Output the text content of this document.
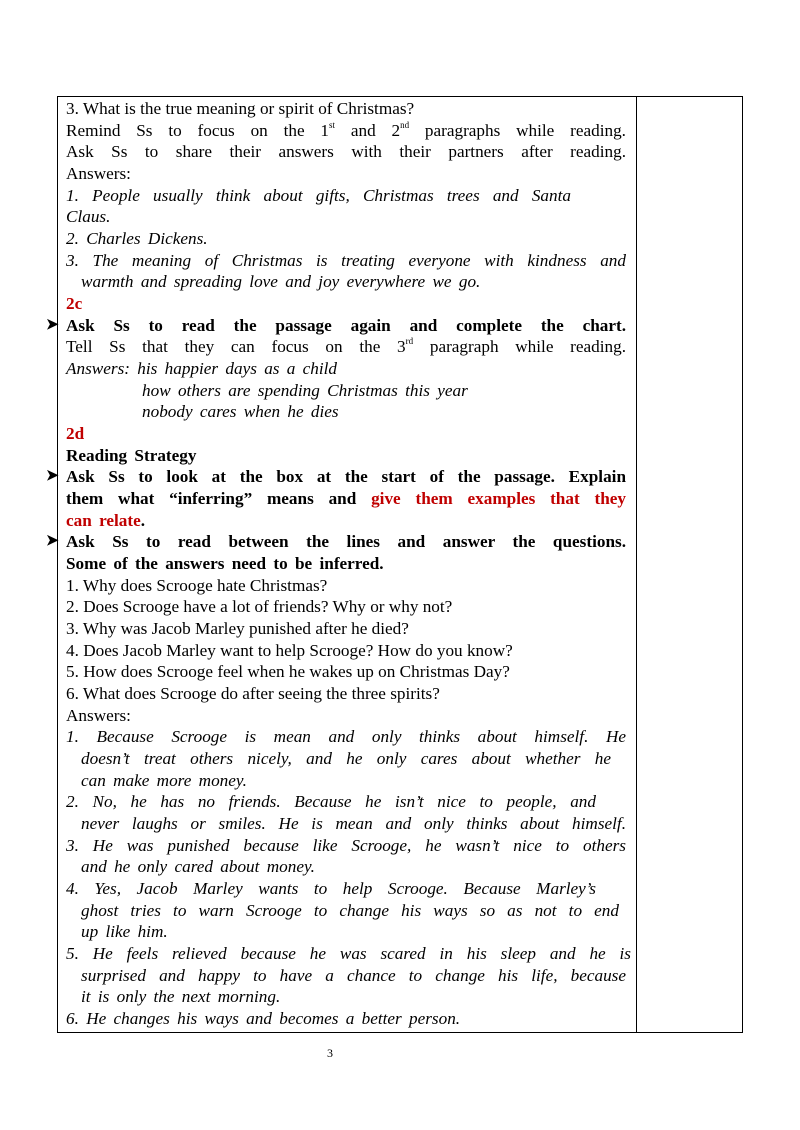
3. What is the true meaning or spirit of Christmas?
Remind Ss to focus on the 1st and 2nd paragraphs while reading.
Ask Ss to share their answers with their partners after reading.
Answers:
1. People usually think about gifts, Christmas trees and Santa
Claus.
2. Charles Dickens.
3. The meaning of Christmas is treating everyone with kindness and
warmth and spreading love and joy everywhere we go.
2c
➤ Ask Ss to read the passage again and complete the chart.
Tell Ss that they can focus on the 3rd paragraph while reading.
Answers: his happier days as a child
how others are spending Christmas this year
nobody cares when he dies
2d
Reading Strategy
➤ Ask Ss to look at the box at the start of the passage. Explain
them what “inferring” means and give them examples that they
can relate.
➤ Ask Ss to read between the lines and answer the questions.
Some of the answers need to be inferred.
1. Why does Scrooge hate Christmas?
2. Does Scrooge have a lot of friends? Why or why not?
3. Why was Jacob Marley punished after he died?
4. Does Jacob Marley want to help Scrooge? How do you know?
5. How does Scrooge feel when he wakes up on Christmas Day?
6. What does Scrooge do after seeing the three spirits?
Answers:
1. Because Scrooge is mean and only thinks about himself. He
doesn’t treat others nicely, and he only cares about whether he
can make more money.
2. No, he has no friends. Because he isn’t nice to people, and
never laughs or smiles. He is mean and only thinks about himself.
3. He was punished because like Scrooge, he wasn’t nice to others
and he only cared about money.
4. Yes, Jacob Marley wants to help Scrooge. Because Marley’s
ghost tries to warn Scrooge to change his ways so as not to end
up like him.
5. He feels relieved because he was scared in his sleep and he is
surprised and happy to have a chance to change his life, because
it is only the next morning.
6. He changes his ways and becomes a better person.
3
